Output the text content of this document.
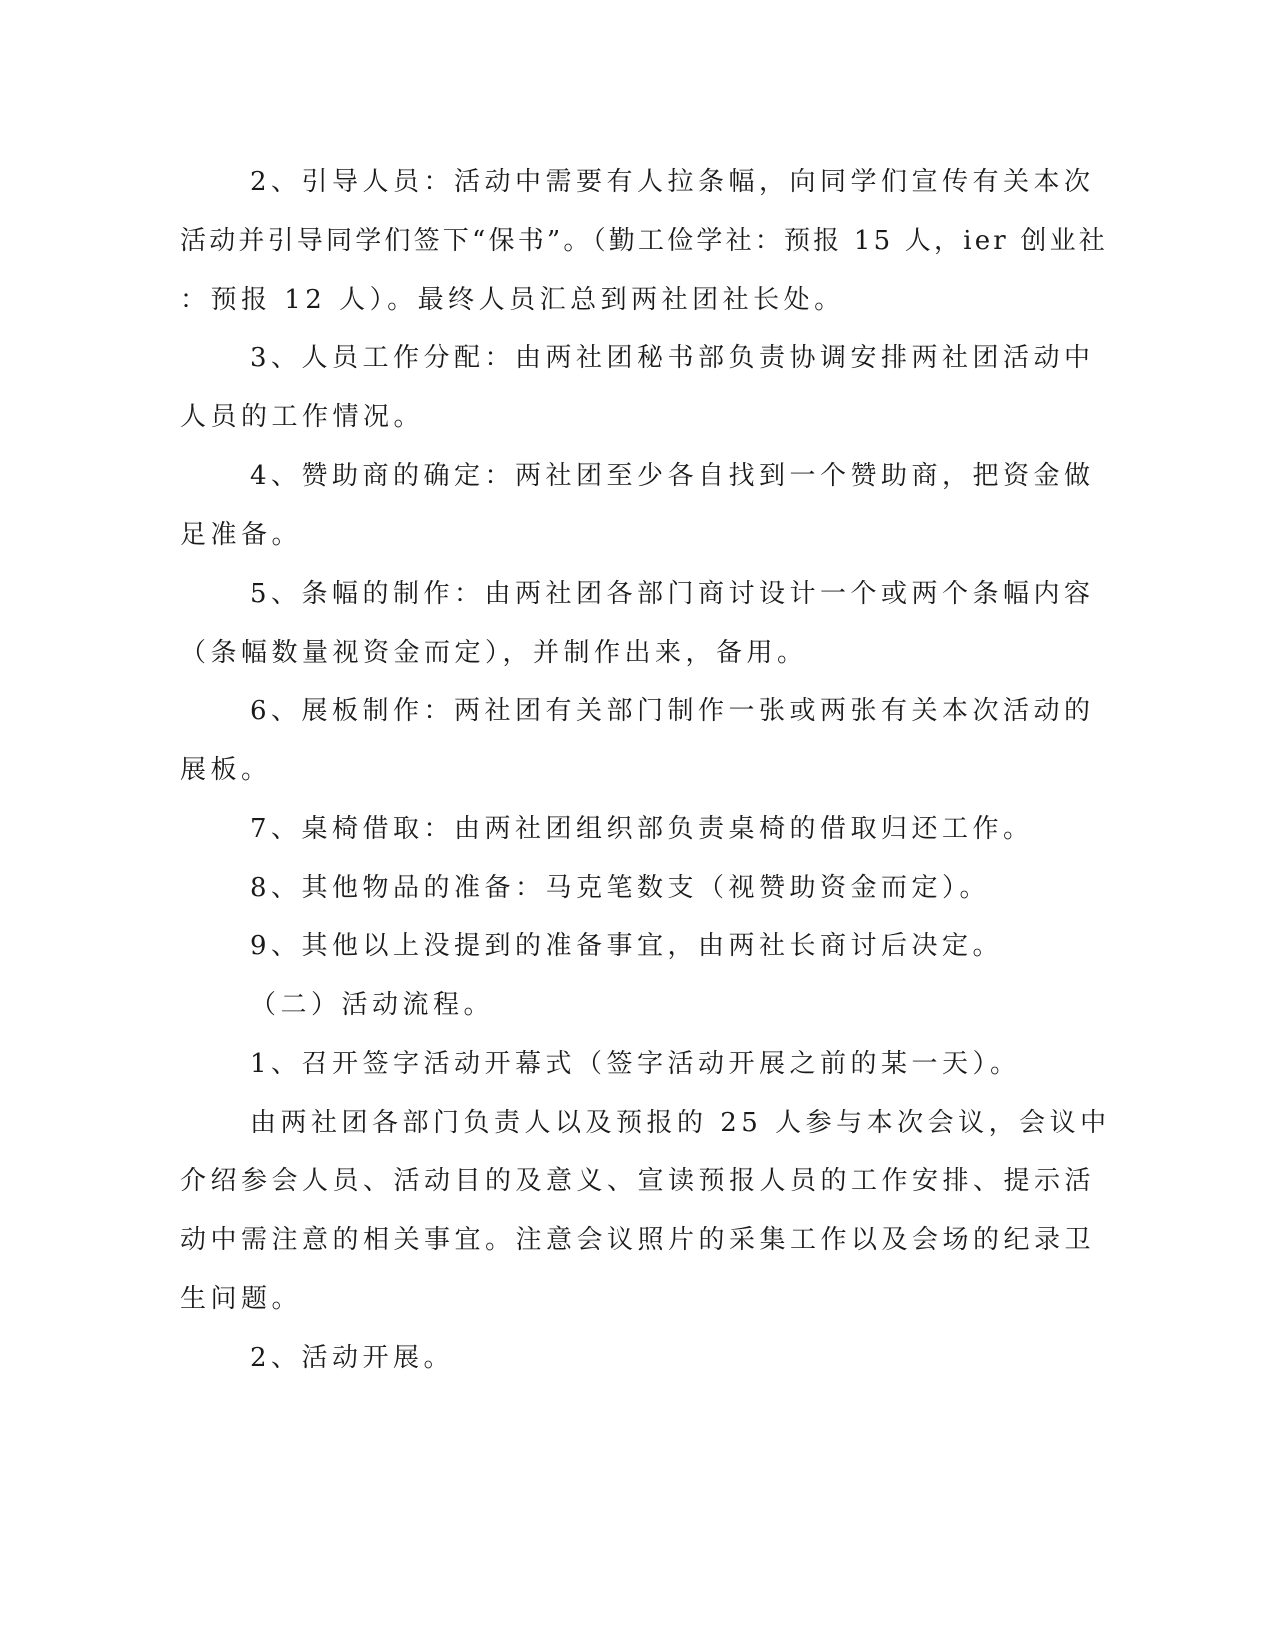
2、引导人员：活动中需要有人拉条幅，向同学们宣传有关本次
活动并引导同学们签下“保书”。（勤工俭学社：预报 15 人，ier 创业社
：预报 12 人）。最终人员汇总到两社团社长处。
3、人员工作分配：由两社团秘书部负责协调安排两社团活动中
人员的工作情况。
4、赞助商的确定：两社团至少各自找到一个赞助商，把资金做
足准备。
5、条幅的制作：由两社团各部门商讨设计一个或两个条幅内容
（条幅数量视资金而定），并制作出来，备用。
6、展板制作：两社团有关部门制作一张或两张有关本次活动的
展板。
7、桌椅借取：由两社团组织部负责桌椅的借取归还工作。
8、其他物品的准备：马克笔数支（视赞助资金而定）。
9、其他以上没提到的准备事宜，由两社长商讨后决定。
（二）活动流程。
1、召开签字活动开幕式（签字活动开展之前的某一天）。
由两社团各部门负责人以及预报的 25 人参与本次会议，会议中
介绍参会人员、活动目的及意义、宣读预报人员的工作安排、提示活
动中需注意的相关事宜。注意会议照片的采集工作以及会场的纪录卫
生问题。
2、活动开展。
